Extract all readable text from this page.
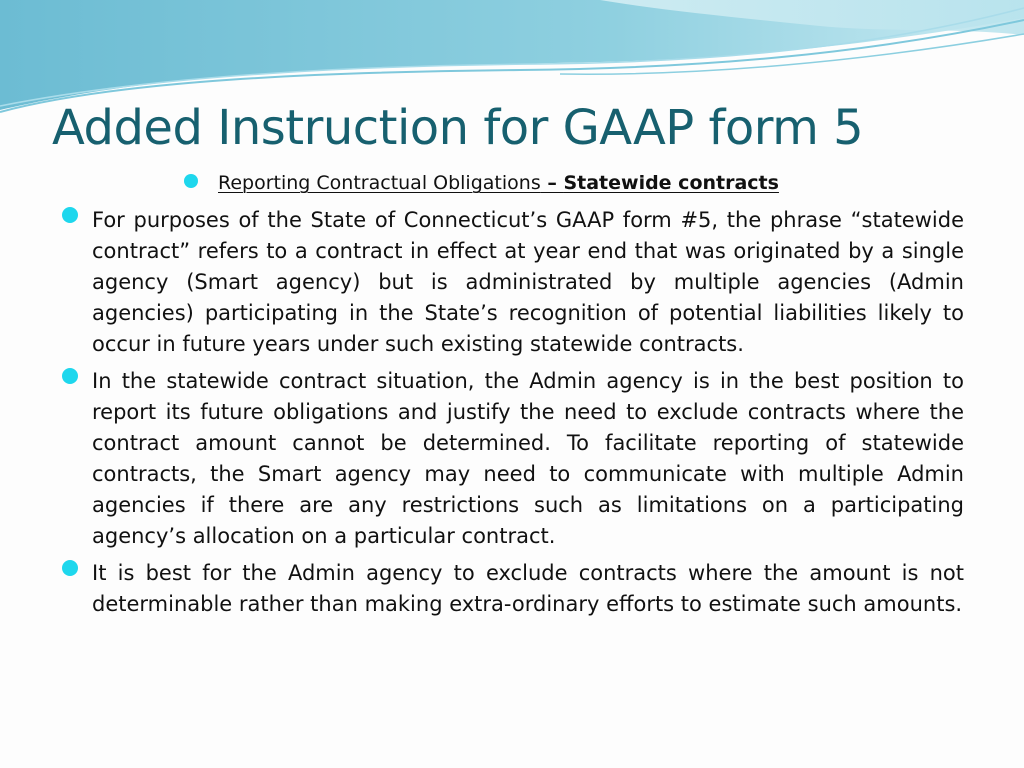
Added Instruction for GAAP form 5
Reporting Contractual Obligations – Statewide contracts

For purposes of the State of Connecticut’s GAAP form #5, the phrase “statewide contract” refers to a contract in effect at year end that was originated by a single agency (Smart agency) but is administrated by multiple agencies (Admin agencies) participating in the State’s recognition of potential liabilities likely to occur in future years under such existing statewide contracts.

In the statewide contract situation, the Admin agency is in the best position to report its future obligations and justify the need to exclude contracts where the contract amount cannot be determined. To facilitate reporting of statewide contracts, the Smart agency may need to communicate with multiple Admin agencies if there are any restrictions such as limitations on a participating agency’s allocation on a particular contract.

It is best for the Admin agency to exclude contracts where the amount is not determinable rather than making extra-ordinary efforts to estimate such amounts.
